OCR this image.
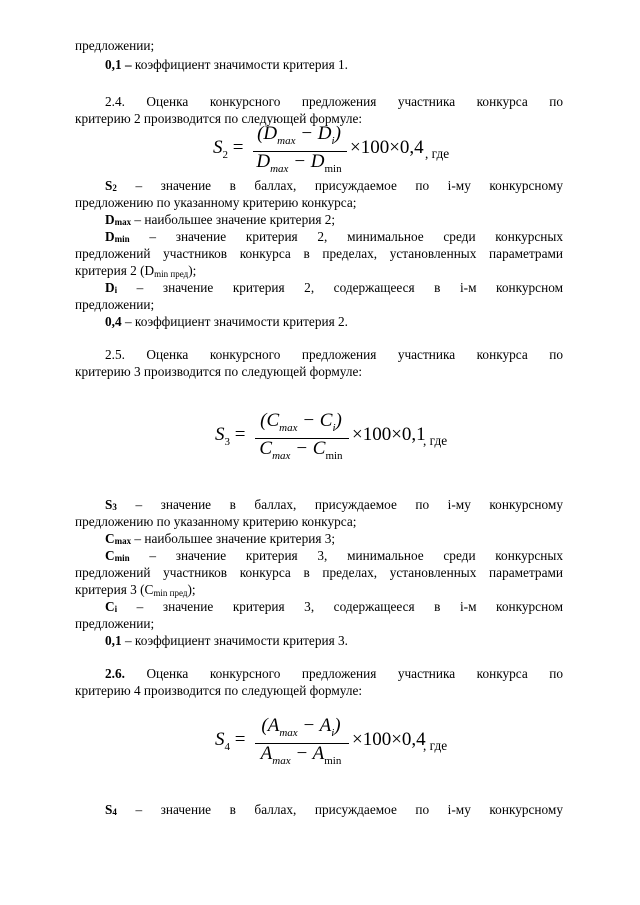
предложении;
0,1 – коэффициент значимости критерия 1.
2.4. Оценка конкурсного предложения участника конкурса по
критерию 2 производится по следующей формуле:
$S_2$ =
$(D_{max} - D_i)$
$D_{max} - D_{min}$
×100×0,4 , где
S2 – значение в баллах, присуждаемое по i-му конкурсному
предложению по указанному критерию конкурса;
Dmax – наибольшее значение критерия 2;
Dmin – значение критерия 2, минимальное среди конкурсных
предложений участников конкурса в пределах, установленных параметрами
критерия 2 (Dmin пред);
Di – значение критерия 2, содержащееся в i-м конкурсном
предложении;
0,4 – коэффициент значимости критерия 2.
2.5. Оценка конкурсного предложения участника конкурса по
критерию 3 производится по следующей формуле:
$S_3$ =
$(C_{max} - C_i)$
$C_{max} - C_{min}$
×100×0,1
, где
S3 – значение в баллах, присуждаемое по i-му конкурсному
предложению по указанному критерию конкурса;
Cmax – наибольшее значение критерия 3;
Cmin – значение критерия 3, минимальное среди конкурсных
предложений участников конкурса в пределах, установленных параметрами
критерия 3 (Cmin пред);
Ci – значение критерия 3, содержащееся в i-м конкурсном
предложении;
0,1 – коэффициент значимости критерия 3.
2.6. Оценка конкурсного предложения участника конкурса по
критерию 4 производится по следующей формуле:
$S_4$ =
$(A_{max} - A_i)$
$A_{max} - A_{min}$
×100×0,4
, где
S4 – значение в баллах, присуждаемое по i-му конкурсному
